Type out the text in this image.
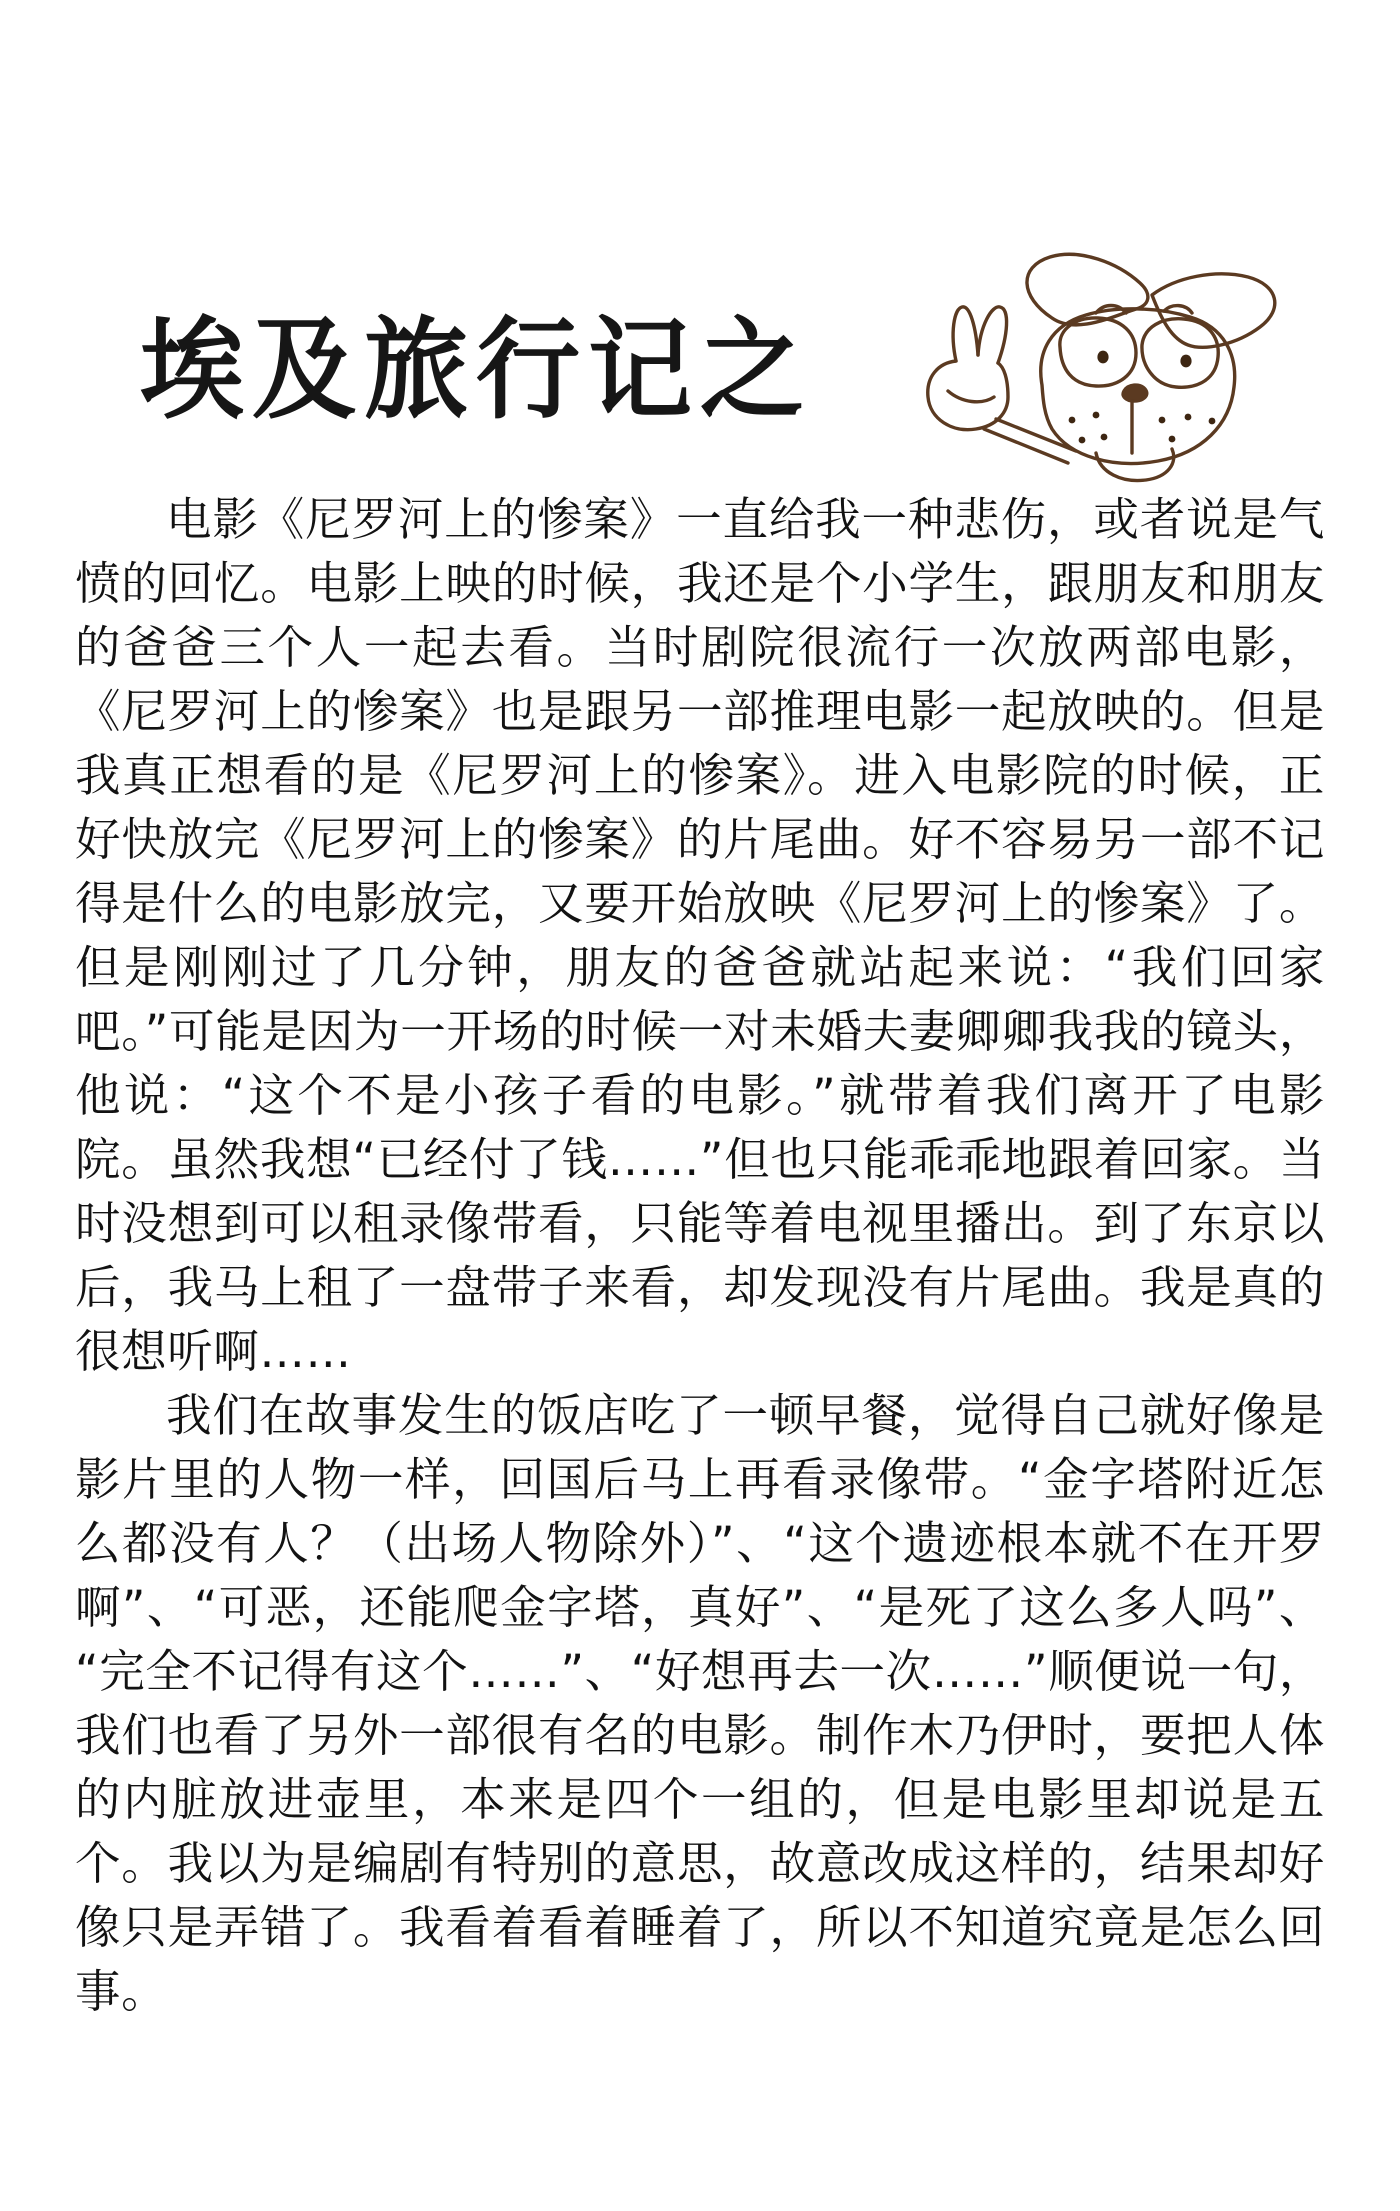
埃及旅行记之

电影《尼罗河上的惨案》一直给我一种悲伤，或者说是气愤的回忆。电影上映的时候，我还是个小学生，跟朋友和朋友的爸爸三个人一起去看。当时剧院很流行一次放两部电影，《尼罗河上的惨案》也是跟另一部推理电影一起放映的。但是我真正想看的是《尼罗河上的惨案》。进入电影院的时候，正好快放完《尼罗河上的惨案》的片尾曲。好不容易另一部不记得是什么的电影放完，又要开始放映《尼罗河上的惨案》了。但是刚刚过了几分钟，朋友的爸爸就站起来说：“我们回家吧。”可能是因为一开场的时候一对未婚夫妻卿卿我我的镜头，他说：“这个不是小孩子看的电影。”就带着我们离开了电影院。虽然我想“已经付了钱……”但也只能乖乖地跟着回家。当时没想到可以租录像带看，只能等着电视里播出。到了东京以后，我马上租了一盘带子来看，却发现没有片尾曲。我是真的很想听啊……

我们在故事发生的饭店吃了一顿早餐，觉得自己就好像是影片里的人物一样，回国后马上再看录像带。“金字塔附近怎么都没有人？（出场人物除外）”、“这个遗迹根本就不在开罗啊”、“可恶，还能爬金字塔，真好”、“是死了这么多人吗”、“完全不记得有这个……”、“好想再去一次……”顺便说一句，我们也看了另外一部很有名的电影。制作木乃伊时，要把人体的内脏放进壶里，本来是四个一组的，但是电影里却说是五个。我以为是编剧有特别的意思，故意改成这样的，结果却好像只是弄错了。我看着看着睡着了，所以不知道究竟是怎么回事。
